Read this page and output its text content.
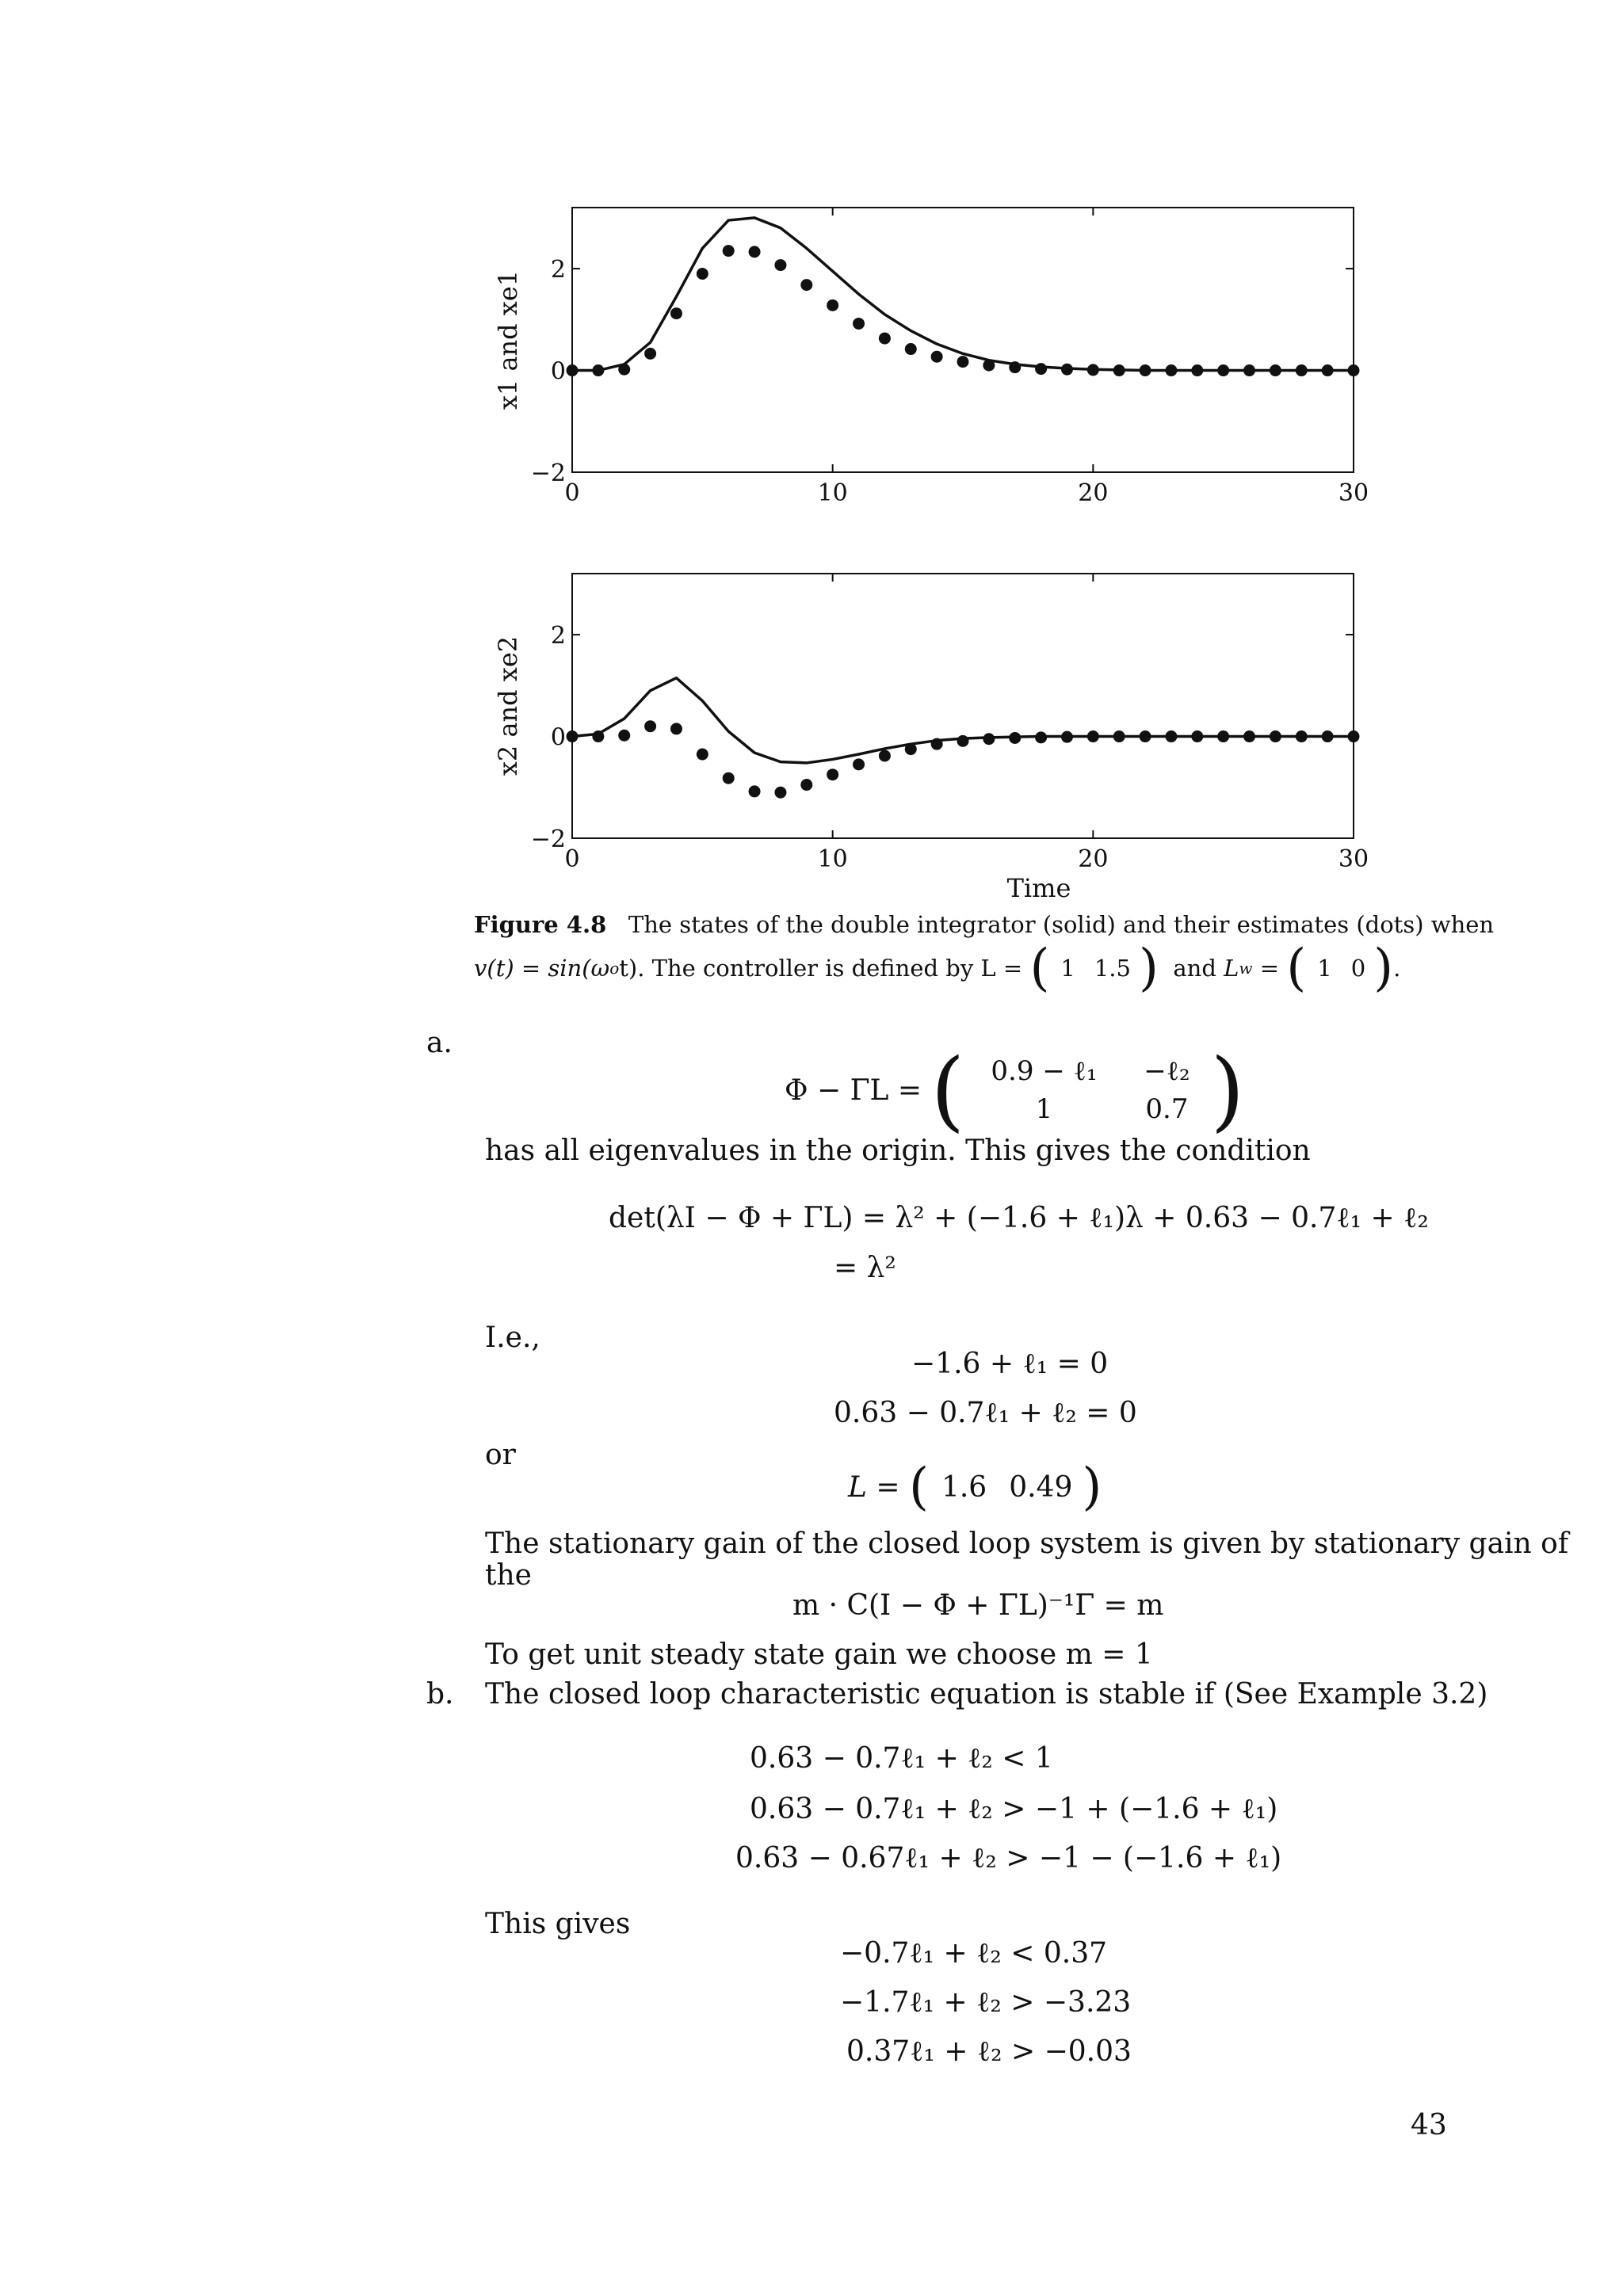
0	10	20	30
−2
0
2
x1 and xe1
0	10	20	30
−2
0
2
x2 and xe2
Time
Figure 4.8 The states of the double integrator (solid) and their estimates (dots) when
v(t) = sin(ω o t). The controller is defined by L =
( 1 1.5 )
and
L w
=
( 1 0 ) .
a.
Φ − ΓL =
( 0.9 − ℓ₁	−ℓ₂
1	0.7 )
has all eigenvalues in the origin. This gives the condition
det(λI − Φ + ΓL) = λ² + (−1.6 + ℓ₁)λ + 0.63 − 0.7ℓ₁ + ℓ₂
= λ²
I.e.,
−1.6 + ℓ₁ = 0
0.63 − 0.7ℓ₁ + ℓ₂ = 0
or
L = ( 1.6 0.49 )
The stationary gain of the closed loop system is given by stationary gain of
the
m · C(I − Φ + ΓL)⁻¹Γ = m
To get unit steady state gain we choose m = 1
b. The closed loop characteristic equation is stable if (See Example 3.2)
0.63 − 0.7ℓ₁ + ℓ₂ < 1
0.63 − 0.7ℓ₁ + ℓ₂ > −1 + (−1.6 + ℓ₁)
0.63 − 0.67ℓ₁ + ℓ₂ > −1 − (−1.6 + ℓ₁)
This gives
−0.7ℓ₁ + ℓ₂ < 0.37
−1.7ℓ₁ + ℓ₂ > −3.23
0.37ℓ₁ + ℓ₂ > −0.03
43
